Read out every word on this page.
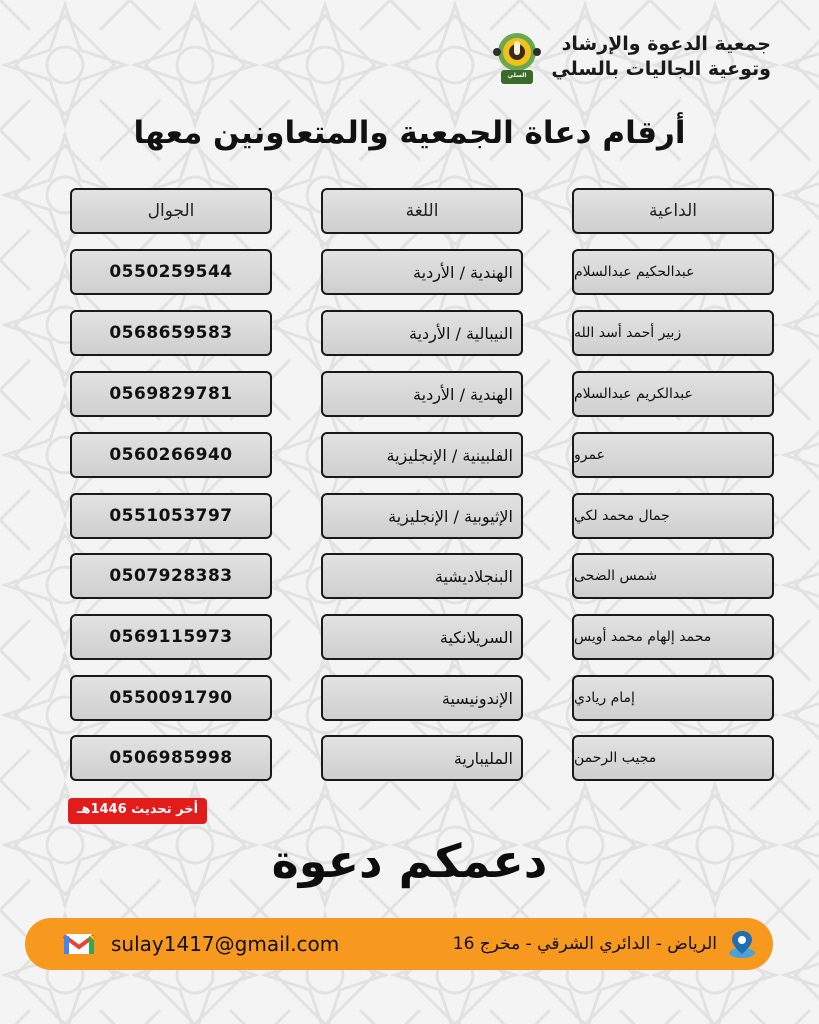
السلي
جمعية الدعوة والإرشاد
وتوعية الجاليات بالسلي
أرقام دعاة الجمعية والمتعاونين معها
الداعية
اللغة
الجوال
عبدالحكيم عبدالسلام
الهندية / الأردية
0550259544
زبير أحمد أسد الله
النيبالية / الأردية
0568659583
عبدالكريم عبدالسلام
الهندية / الأردية
0569829781
عمرو
الفلبينية / الإنجليزية
0560266940
جمال محمد لكي
الإثيوبية / الإنجليزية
0551053797
شمس الضحى
البنجلاديشية
0507928383
محمد إلهام محمد أويس
السريلانكية
0569115973
إمام ريادي
الإندونيسية
0550091790
مجيب الرحمن
المليبارية
0506985998
أخر تحديث 1446هـ
دعمكم دعوة
الرياض - الدائري الشرقي - مخرج 16
sulay1417@gmail.com
